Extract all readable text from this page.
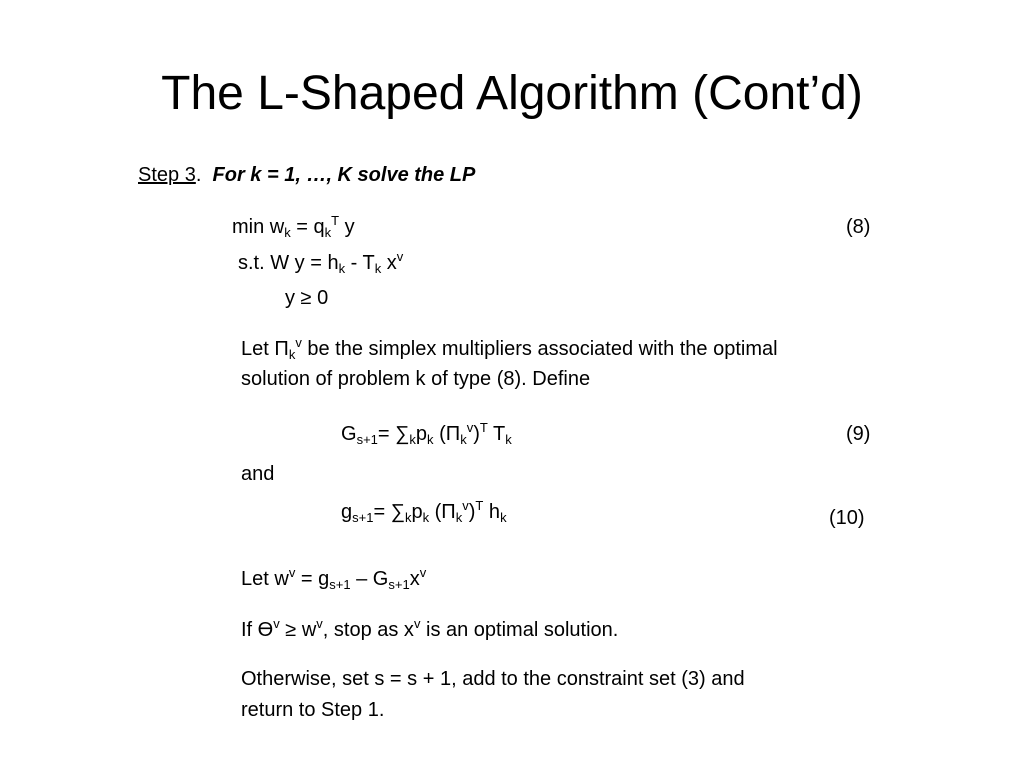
The L-Shaped Algorithm (Cont’d)
Step 3. For k = 1, …, K solve the LP
$\min w_k = q_k^T$ y	(8)
s.t. W $y = h_k - T_k$ $x^v$
y ≥ 0
Let $\Pi_k^v$ be the simplex multipliers associated with the optimal
solution of problem k of type (8). Define
$G_{s+1}= \sum_kp_k$ $(\Pi_k^v)^T$ $T_k$	(9)
and
$g_{s+1}= \sum_kp_k$ $(\Pi_k^v)^T$ $h_k$	(10)
Let $w^v = g_{s+1} - G_{s+1}x^v$
If $Ɵ^v \ge w^v$, stop as $x^v$ is an optimal solution.
Otherwise, set s = s + 1, add to the constraint set (3) and
return to Step 1.
